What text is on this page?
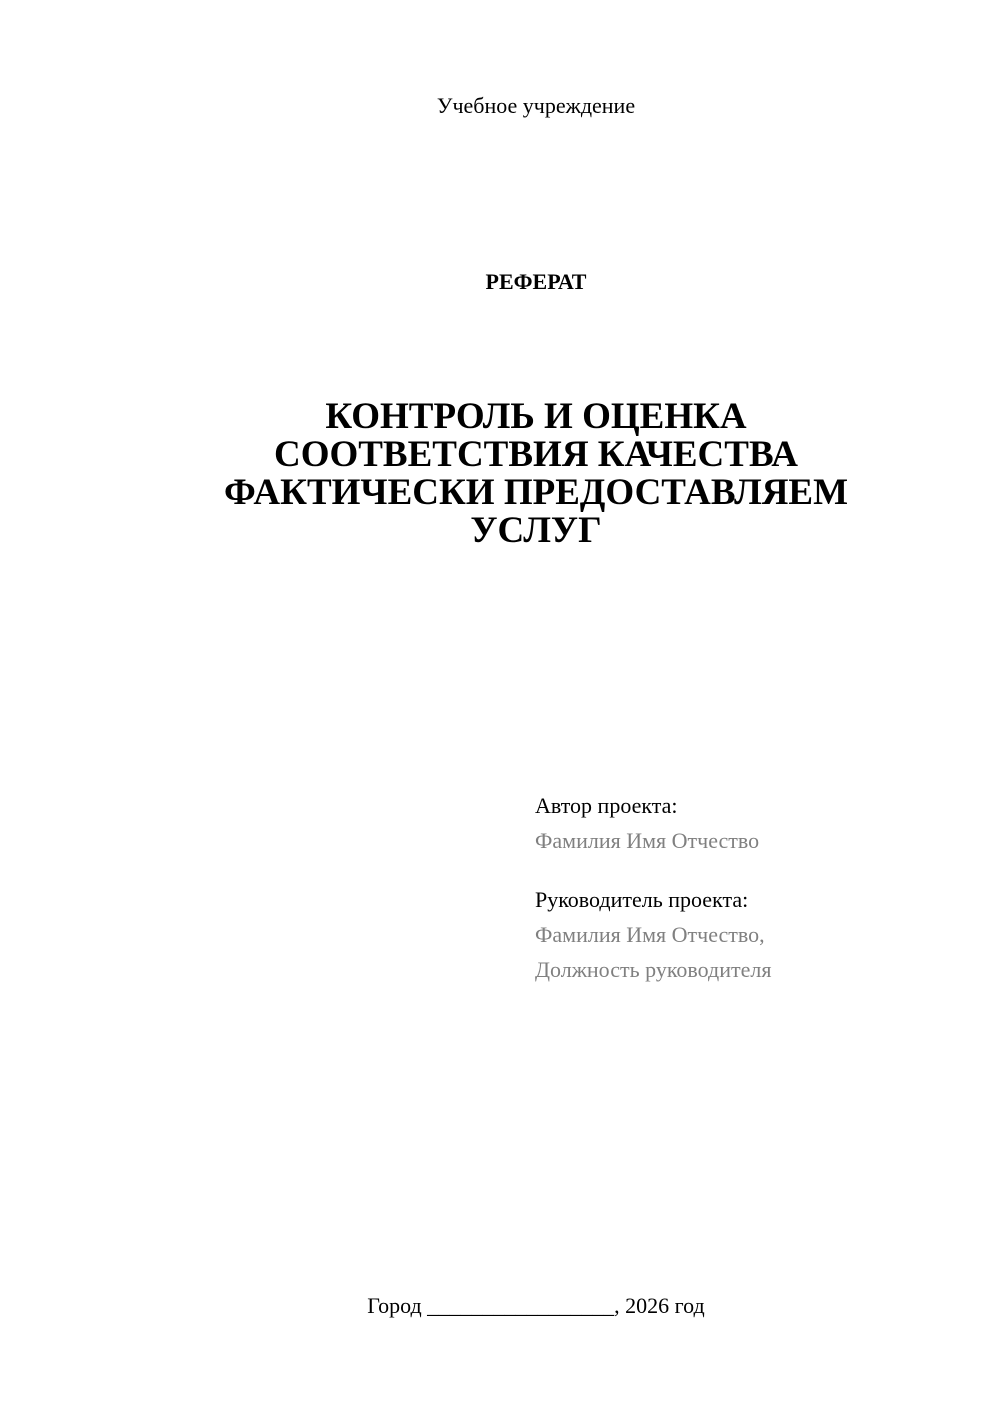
Учебное учреждение
РЕФЕРАТ
КОНТРОЛЬ И ОЦЕНКА
СООТВЕТСТВИЯ КАЧЕСТВА
ФАКТИЧЕСКИ ПРЕДОСТАВЛЯЕМ
УСЛУГ
Автор проекта:
Фамилия Имя Отчество
Руководитель проекта:
Фамилия Имя Отчество,
Должность руководителя
Город _________________, 2026 год
